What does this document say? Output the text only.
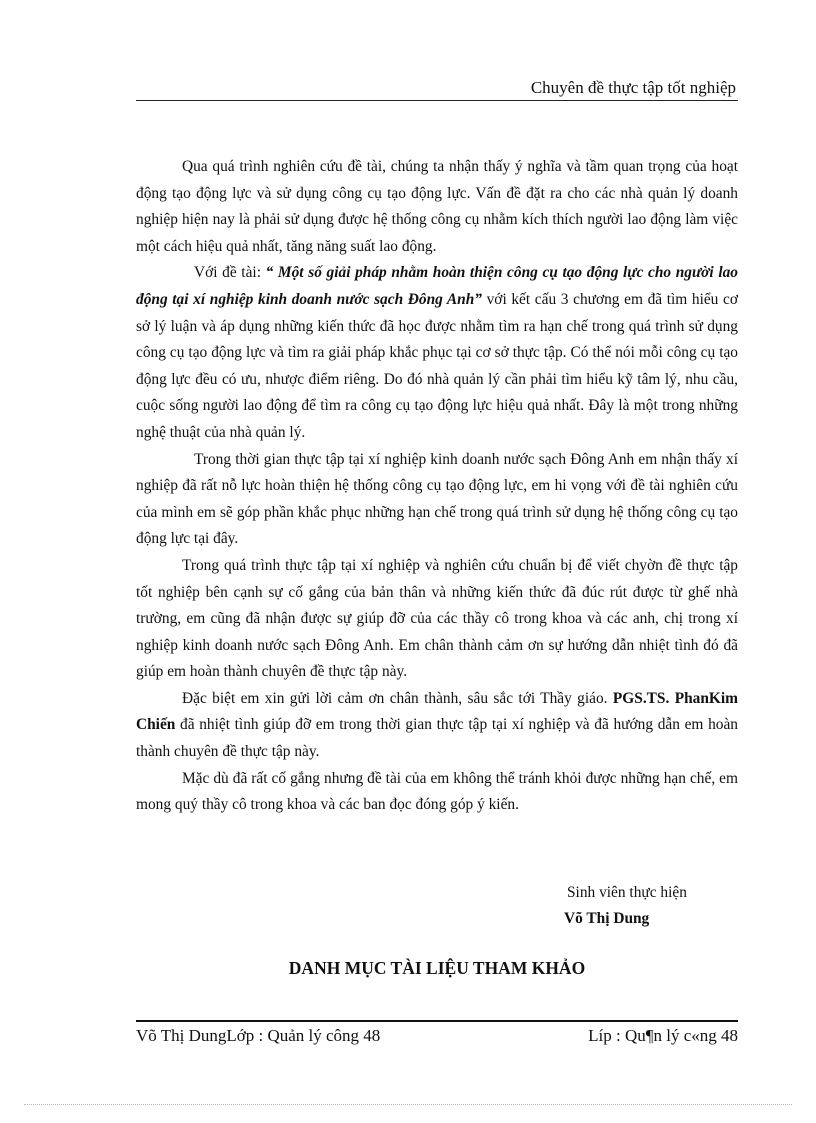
Chuyên đề thực tập tốt nghiệp

Qua quá trình nghiên cứu đề tài, chúng ta nhận thấy ý nghĩa và tầm quan trọng của hoạt động tạo động lực và sử dụng công cụ tạo động lực. Vấn đề đặt ra cho các nhà quản lý doanh nghiệp hiện nay là phải sử dụng được hệ thống công cụ nhằm kích thích người lao động làm việc một cách hiệu quả nhất, tăng năng suất lao động.

Với đề tài: “ Một số giải pháp nhằm hoàn thiện công cụ tạo động lực cho người lao động tại xí nghiệp kinh doanh nước sạch Đông Anh” với kết cấu 3 chương em đã tìm hiểu cơ sở lý luận và áp dụng những kiến thức đã học được nhằm tìm ra hạn chế trong quá trình sử dụng công cụ tạo động lực và tìm ra giải pháp khắc phục tại cơ sở thực tập. Có thể nói mỗi công cụ tạo động lực đều có ưu, nhược điểm riêng. Do đó nhà quản lý cần phải tìm hiểu kỹ tâm lý, nhu cầu, cuộc sống người lao động để tìm ra công cụ tạo động lực hiệu quả nhất. Đây là một trong những nghệ thuật của nhà quản lý.

Trong thời gian thực tập tại xí nghiệp kinh doanh nước sạch Đông Anh em nhận thấy xí nghiệp đã rất nỗ lực hoàn thiện hệ thống công cụ tạo động lực, em hi vọng với đề tài nghiên cứu của mình em sẽ góp phần khắc phục những hạn chế trong quá trình sử dụng hệ thống công cụ tạo động lực tại đây.

Trong quá trình thực tập tại xí nghiệp và nghiên cứu chuẩn bị để viết chyờn đề thực tập tốt nghiệp bên cạnh sự cố gắng của bản thân và những kiến thức đã đúc rút được từ ghế nhà trường, em cũng đã nhận được sự giúp đỡ của các thầy cô trong khoa và các anh, chị trong xí nghiệp kinh doanh nước sạch Đông Anh. Em chân thành cảm ơn sự hướng dẫn nhiệt tình đó đã giúp em hoàn thành chuyên đề thực tập này.

Đặc biệt em xin gửi lời cảm ơn chân thành, sâu sắc tới Thầy giáo. PGS.TS. PhanKim Chiến đã nhiệt tình giúp đỡ em trong thời gian thực tập tại xí nghiệp và đã hướng dẫn em hoàn thành chuyên đề thực tập này.

Mặc dù đã rất cố gắng nhưng đề tài của em không thể tránh khỏi được những hạn chế, em mong quý thầy cô trong khoa và các ban đọc đóng góp ý kiến.

Sinh viên thực hiện
Võ Thị Dung
DANH MỤC TÀI LIỆU THAM KHẢO
Võ Thị DungLớp : Quản lý công 48	Líp : Qu¶n lý c«ng 48
